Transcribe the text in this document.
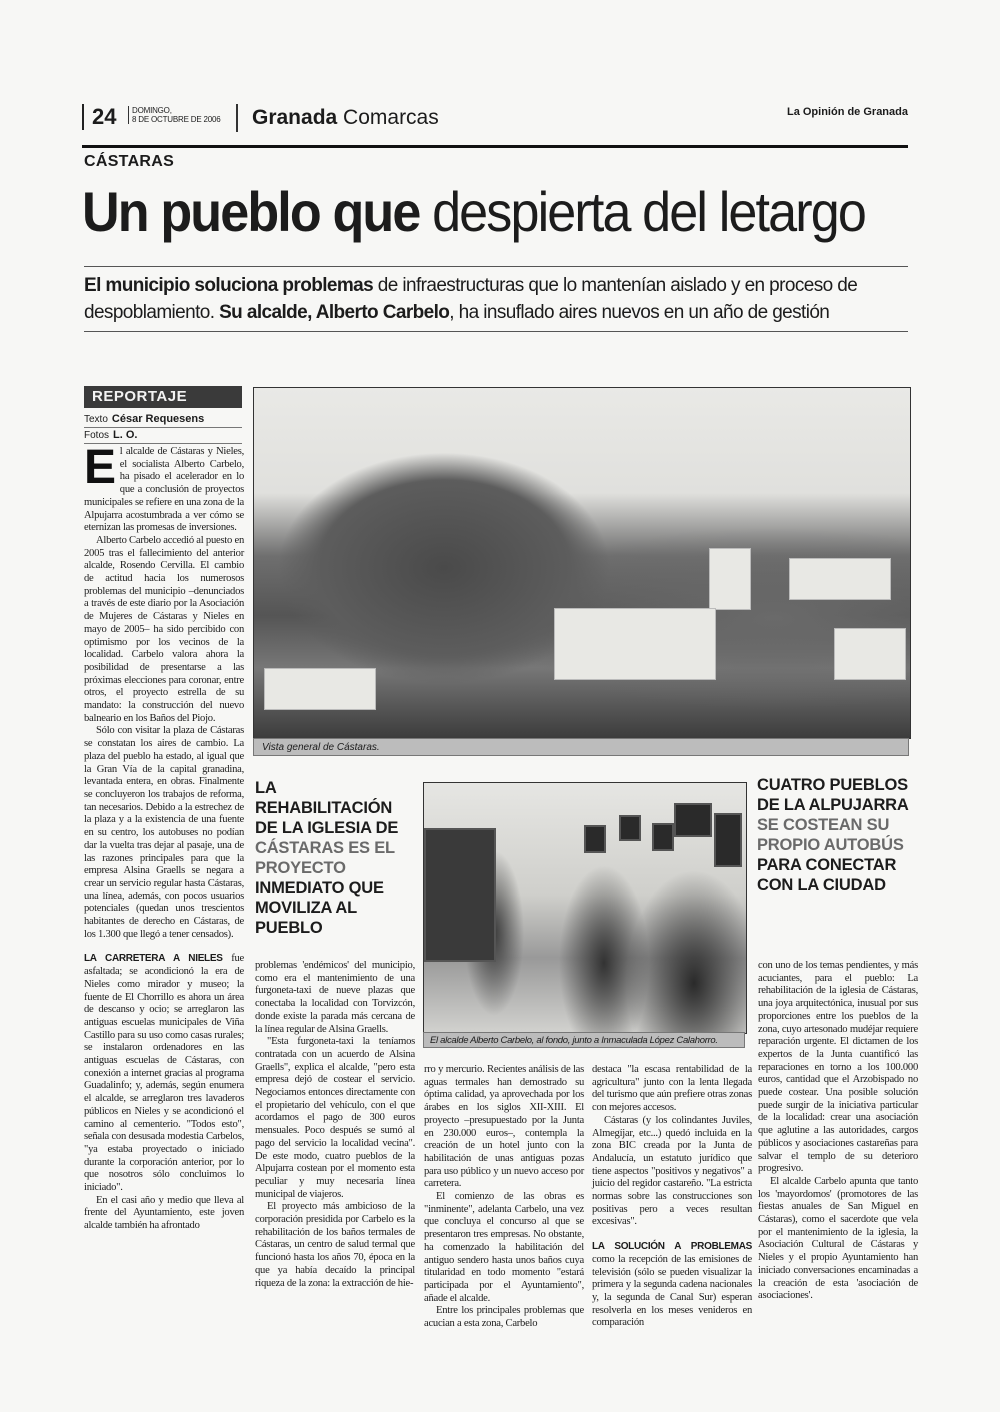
24 DOMINGO,
8 DE OCTUBRE DE 2006	Granada Comarcas	La Opinión de Granada
CÁSTARAS
Un pueblo que despierta del letargo
El municipio soluciona problemas de infraestructuras que lo mantenían aislado y en proceso de despoblamiento. Su alcalde, Alberto Carbelo, ha insuflado aires nuevos en un año de gestión
REPORTAJE
Texto César Requesens
Fotos L. O.

El alcalde de Cástaras y Nieles, el socialista Alberto Carbelo, ha pisado el acelerador en lo que a conclusión de proyectos municipales se refiere en una zona de la Alpujarra acostumbrada a ver cómo se eternizan las promesas de inversiones.

Alberto Carbelo accedió al puesto en 2005 tras el fallecimiento del anterior alcalde, Rosendo Cervilla. El cambio de actitud hacia los numerosos problemas del municipio –denunciados a través de este diario por la Asociación de Mujeres de Cástaras y Nieles en mayo de 2005– ha sido percibido con optimismo por los vecinos de la localidad. Carbelo valora ahora la posibilidad de presentarse a las próximas elecciones para coronar, entre otros, el proyecto estrella de su mandato: la construcción del nuevo balneario en los Baños del Piojo.

Sólo con visitar la plaza de Cástaras se constatan los aires de cambio. La plaza del pueblo ha estado, al igual que la Gran Vía de la capital granadina, levantada entera, en obras. Finalmente se concluyeron los trabajos de reforma, tan necesarios. Debido a la estrechez de la plaza y a la existencia de una fuente en su centro, los autobuses no podían dar la vuelta tras dejar al pasaje, una de las razones principales para que la empresa Alsina Graells se negara a crear un servicio regular hasta Cástaras, una línea, además, con pocos usuarios potenciales (quedan unos trescientos habitantes de derecho en Cástaras, de los 1.300 que llegó a tener censados).

LA CARRETERA A NIELES fue asfaltada; se acondicionó la era de Nieles como mirador y museo; la fuente de El Chorrillo es ahora un área de descanso y ocio; se arreglaron las antiguas escuelas municipales de Viña Castillo para su uso como casas rurales; se instalaron ordenadores en las antiguas escuelas de Cástaras, con conexión a internet gracias al programa Guadalinfo; y, además, según enumera el alcalde, se arreglaron tres lavaderos públicos en Nieles y se acondicionó el camino al cementerio. "Todos esto", señala con desusada modestia Carbelos, "ya estaba proyectado o iniciado durante la corporación anterior, por lo que nosotros sólo concluimos lo iniciado".

En el casi año y medio que lleva al frente del Ayuntamiento, este joven alcalde también ha afrontado

Vista general de Cástaras.
LA REHABILITACIÓN DE LA IGLESIA DE
CÁSTARAS ES EL PROYECTO
INMEDIATO QUE MOVILIZA AL PUEBLO
El alcalde Alberto Carbelo, al fondo, junto a Inmaculada López Calahorro.
CUATRO PUEBLOS DE LA ALPUJARRA
SE COSTEAN SU PROPIO AUTOBÚS
PARA CONECTAR CON LA CIUDAD

problemas 'endémicos' del municipio, como era el mantenimiento de una furgoneta-taxi de nueve plazas que conectaba la localidad con Torvizcón, donde existe la parada más cercana de la línea regular de Alsina Graells.

"Esta furgoneta-taxi la teníamos contratada con un acuerdo de Alsina Graells", explica el alcalde, "pero esta empresa dejó de costear el servicio. Negociamos entonces directamente con el propietario del vehículo, con el que acordamos el pago de 300 euros mensuales. Poco después se sumó al pago del servicio la localidad vecina". De este modo, cuatro pueblos de la Alpujarra costean por el momento esta peculiar y muy necesaria línea municipal de viajeros.

El proyecto más ambicioso de la corporación presidida por Carbelo es la rehabilitación de los baños termales de Cástaras, un centro de salud termal que funcionó hasta los años 70, época en la que ya había decaído la principal riqueza de la zona: la extracción de hie-

rro y mercurio. Recientes análisis de las aguas termales han demostrado su óptima calidad, ya aprovechada por los árabes en los siglos XII-XIII. El proyecto –presupuestado por la Junta en 230.000 euros–, contempla la creación de un hotel junto con la habilitación de unas antiguas pozas para uso público y un nuevo acceso por carretera.

El comienzo de las obras es "inminente", adelanta Carbelo, una vez que concluya el concurso al que se presentaron tres empresas. No obstante, ha comenzado la habilitación del antiguo sendero hasta unos baños cuya titularidad en todo momento "estará participada por el Ayuntamiento", añade el alcalde.

Entre los principales problemas que acucian a esta zona, Carbelo

destaca "la escasa rentabilidad de la agricultura" junto con la lenta llegada del turismo que aún prefiere otras zonas con mejores accesos.

Cástaras (y los colindantes Juviles, Almegíjar, etc...) quedó incluida en la zona BIC creada por la Junta de Andalucía, un estatuto jurídico que tiene aspectos "positivos y negativos" a juicio del regidor castareño. "La estricta normas sobre las construcciones son positivas pero a veces resultan excesivas".

LA SOLUCIÓN A PROBLEMAS como la recepción de las emisiones de televisión (sólo se pueden visualizar la primera y la segunda cadena nacionales y, la segunda de Canal Sur) esperan resolverla en los meses venideros en comparación

con uno de los temas pendientes, y más acuciantes, para el pueblo: La rehabilitación de la iglesia de Cástaras, una joya arquitectónica, inusual por sus proporciones entre los pueblos de la zona, cuyo artesonado mudéjar requiere reparación urgente. El dictamen de los expertos de la Junta cuantificó las reparaciones en torno a los 100.000 euros, cantidad que el Arzobispado no puede costear. Una posible solución puede surgir de la iniciativa particular de la localidad: crear una asociación que aglutine a las autoridades, cargos públicos y asociaciones castareñas para salvar el templo de su deterioro progresivo.

El alcalde Carbelo apunta que tanto los 'mayordomos' (promotores de las fiestas anuales de San Miguel en Cástaras), como el sacerdote que vela por el mantenimiento de la iglesia, la Asociación Cultural de Cástaras y Nieles y el propio Ayuntamiento han iniciado conversaciones encaminadas a la creación de esta 'asociación de asociaciones'.
